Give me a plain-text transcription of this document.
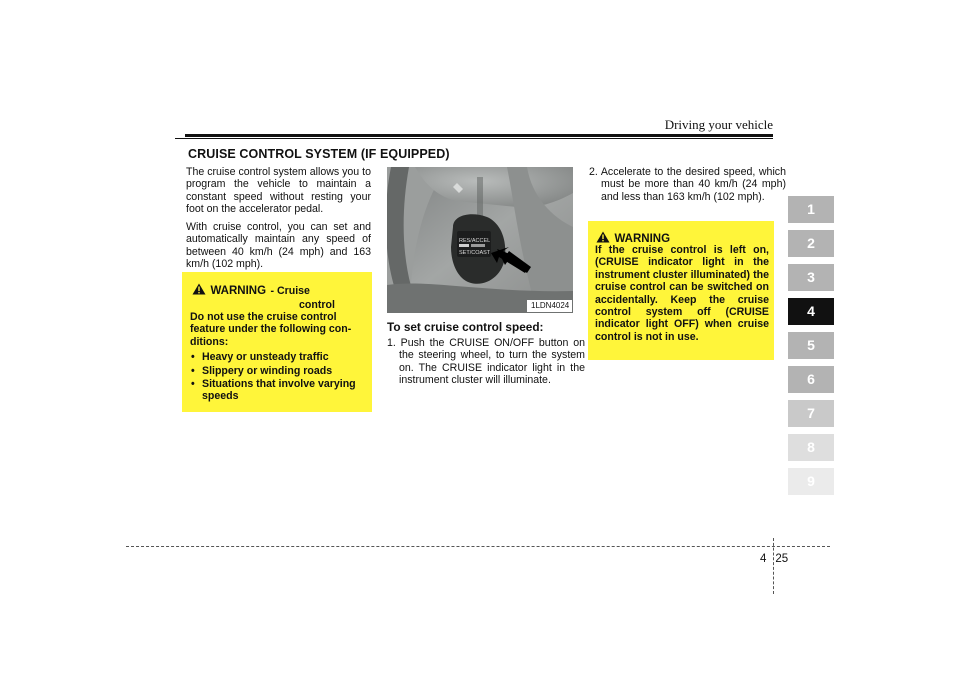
Driving your vehicle
CRUISE CONTROL SYSTEM (IF EQUIPPED)

The cruise control system allows you to program the vehicle to maintain a constant speed without resting your foot on the accelerator pedal.

With cruise control, you can set and automatically maintain any speed of between 40 km/h (24 mph) and 163 km/h (102 mph).

WARNING - Cruise
control
Do not use the cruise control feature under the following con-ditions:
• Heavy or unsteady traffic
• Slippery or winding roads
• Situations that involve varying speeds
RES/ACCEL
SET/COAST
1LDN4024
To set cruise control speed:
1. Push the CRUISE ON/OFF button on the steering wheel, to turn the system on. The CRUISE indicator light in the instrument cluster will illuminate.
2. Accelerate to the desired speed, which must be more than 40 km/h (24 mph) and less than 163 km/h (102 mph).
WARNING
If the cruise control is left on, (CRUISE indicator light in the instrument cluster illuminated) the cruise control can be switched on accidentally. Keep the cruise control system off (CRUISE indicator light OFF) when cruise control is not in use.
1
2
3
4
5
6
7
8
9
4 25
